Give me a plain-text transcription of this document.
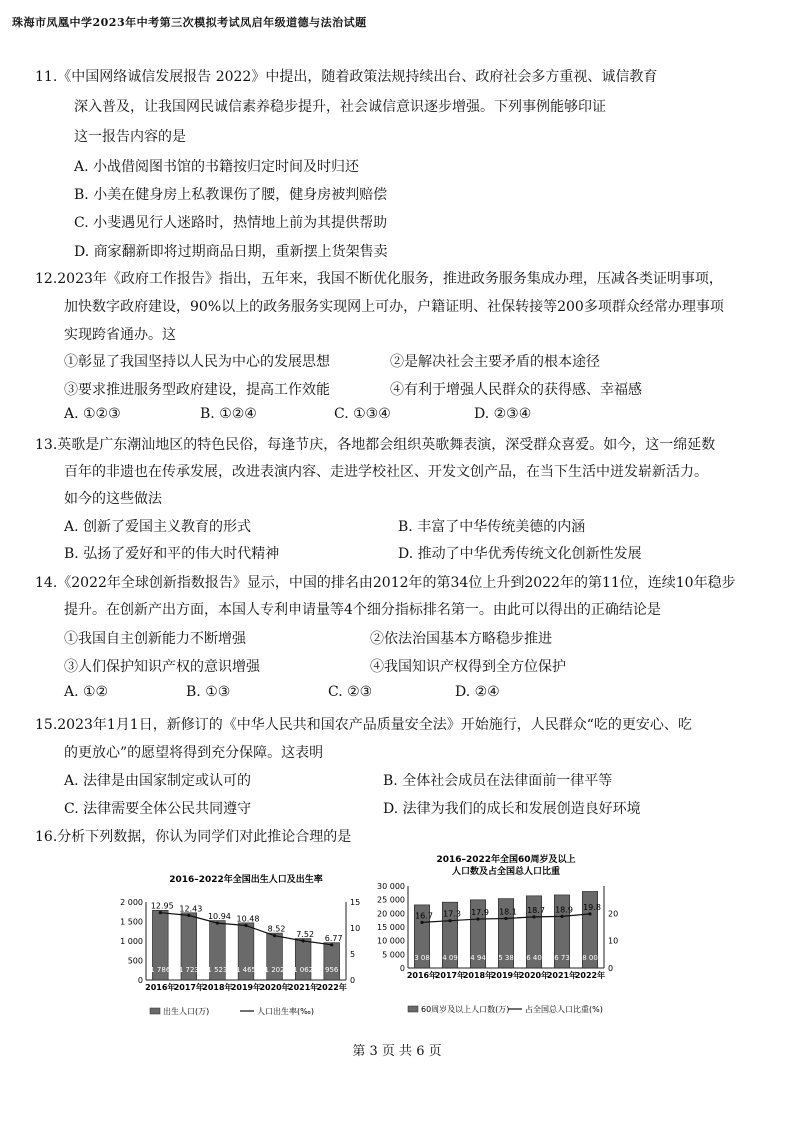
珠海市凤凰中学2023年中考第三次模拟考试凤启年级道德与法治试题
11.《中国网络诚信发展报告 2022》中提出，随着政策法规持续出台、政府社会多方重视、诚信教育
深入普及，让我国网民诚信素养稳步提升，社会诚信意识逐步增强。下列事例能够印证
这一报告内容的是
A. 小战借阅图书馆的书籍按归定时间及时归还
B. 小美在健身房上私教课伤了腰，健身房被判赔偿
C. 小斐遇见行人迷路时，热情地上前为其提供帮助
D. 商家翻新即将过期商品日期，重新摆上货架售卖
12.2023年《政府工作报告》指出，五年来，我国不断优化服务，推进政务服务集成办理，压减各类证明事项，
加快数字政府建设，90%以上的政务服务实现网上可办，户籍证明、社保转接等200多项群众经常办理事项
实现跨省通办。这
①彰显了我国坚持以人民为中心的发展思想	②是解决社会主要矛盾的根本途径
③要求推进服务型政府建设，提高工作效能	④有利于增强人民群众的获得感、幸福感
A. ①②③	B. ①②④	C. ①③④	D. ②③④
13.英歌是广东潮汕地区的特色民俗，每逢节庆，各地都会组织英歌舞表演，深受群众喜爱。如今，这一绵延数
百年的非遗也在传承发展，改进表演内容、走进学校社区、开发文创产品，在当下生活中迸发崭新活力。
如今的这些做法
A. 创新了爱国主义教育的形式	B. 丰富了中华传统美德的内涵
B. 弘扬了爱好和平的伟大时代精神	D. 推动了中华优秀传统文化创新性发展
14.《2022年全球创新指数报告》显示，中国的排名由2012年的第34位上升到2022年的第11位，连续10年稳步
提升。在创新产出方面，本国人专利申请量等4个细分指标排名第一。由此可以得出的正确结论是
①我国自主创新能力不断增强	②依法治国基本方略稳步推进
③人们保护知识产权的意识增强	④我国知识产权得到全方位保护
A. ①②	B. ①③	C. ②③	D. ②④
15.2023年1月1日，新修订的《中华人民共和国农产品质量安全法》开始施行，人民群众“吃的更安心、吃
的更放心”的愿望将得到充分保障。这表明
A. 法律是由国家制定或认可的	B. 全体社会成员在法律面前一律平等
C. 法律需要全体公民共同遵守	D. 法律为我们的成长和发展创造良好环境
16.分析下列数据，你认为同学们对此推论合理的是
2016–2022年全国出生人口及出生率
0
500
1 000
1 500
2 000
0
5
10
15
1 786
2016年
1 723
2017年
1 523
2018年
1 465
2019年
1 202
2020年
1 062
2021年
956
2022年
12.95 12.43
10.94 10.48
8.52
7.52 6.77
出生人口(万)	人口出生率(‰)
2016–2022年全国60周岁及以上
人口数及占全国总人口比重
0
5 000
10 000
15 000
20 000
25 000
30 000
0
10
20
23 086
2016年
24 090
2017年
24 949
2018年
25 388
2019年
26 402
2020年
26 736
2021年
28 004
2022年
16.7 17.3 17.9 18.1 18.7 18.9 19.8
60周岁及以上人口数(万) 占全国总人口比重(%)
第 3 页 共 6 页
